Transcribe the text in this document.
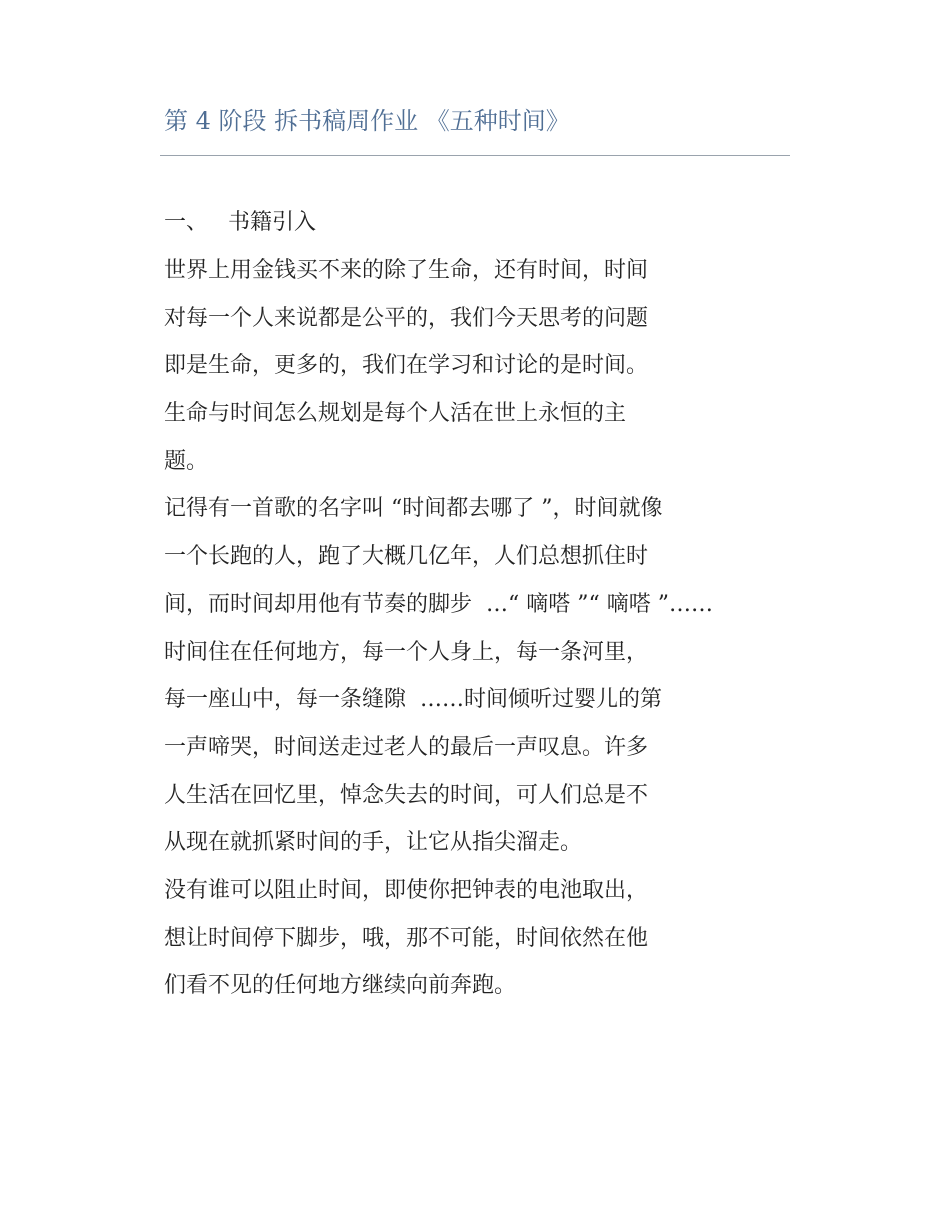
第 4 阶段 拆书稿周作业 《五种时间》
一、 书籍引入
世界上用金钱买不来的除了生命，还有时间，时间
对每一个人来说都是公平的，我们今天思考的问题
即是生命，更多的，我们在学习和讨论的是时间。
生命与时间怎么规划是每个人活在世上永恒的主
题。
记得有一首歌的名字叫 “时间都去哪了 ”，时间就像
一个长跑的人，跑了大概几亿年，人们总想抓住时
间，而时间却用他有节奏的脚步  …“ 嘀嗒 ”“ 嘀嗒 ”……
时间住在任何地方，每一个人身上，每一条河里，
每一座山中，每一条缝隙  ……时间倾听过婴儿的第
一声啼哭，时间送走过老人的最后一声叹息。许多
人生活在回忆里，悼念失去的时间，可人们总是不
从现在就抓紧时间的手，让它从指尖溜走。
没有谁可以阻止时间，即使你把钟表的电池取出，
想让时间停下脚步，哦，那不可能，时间依然在他
们看不见的任何地方继续向前奔跑。
